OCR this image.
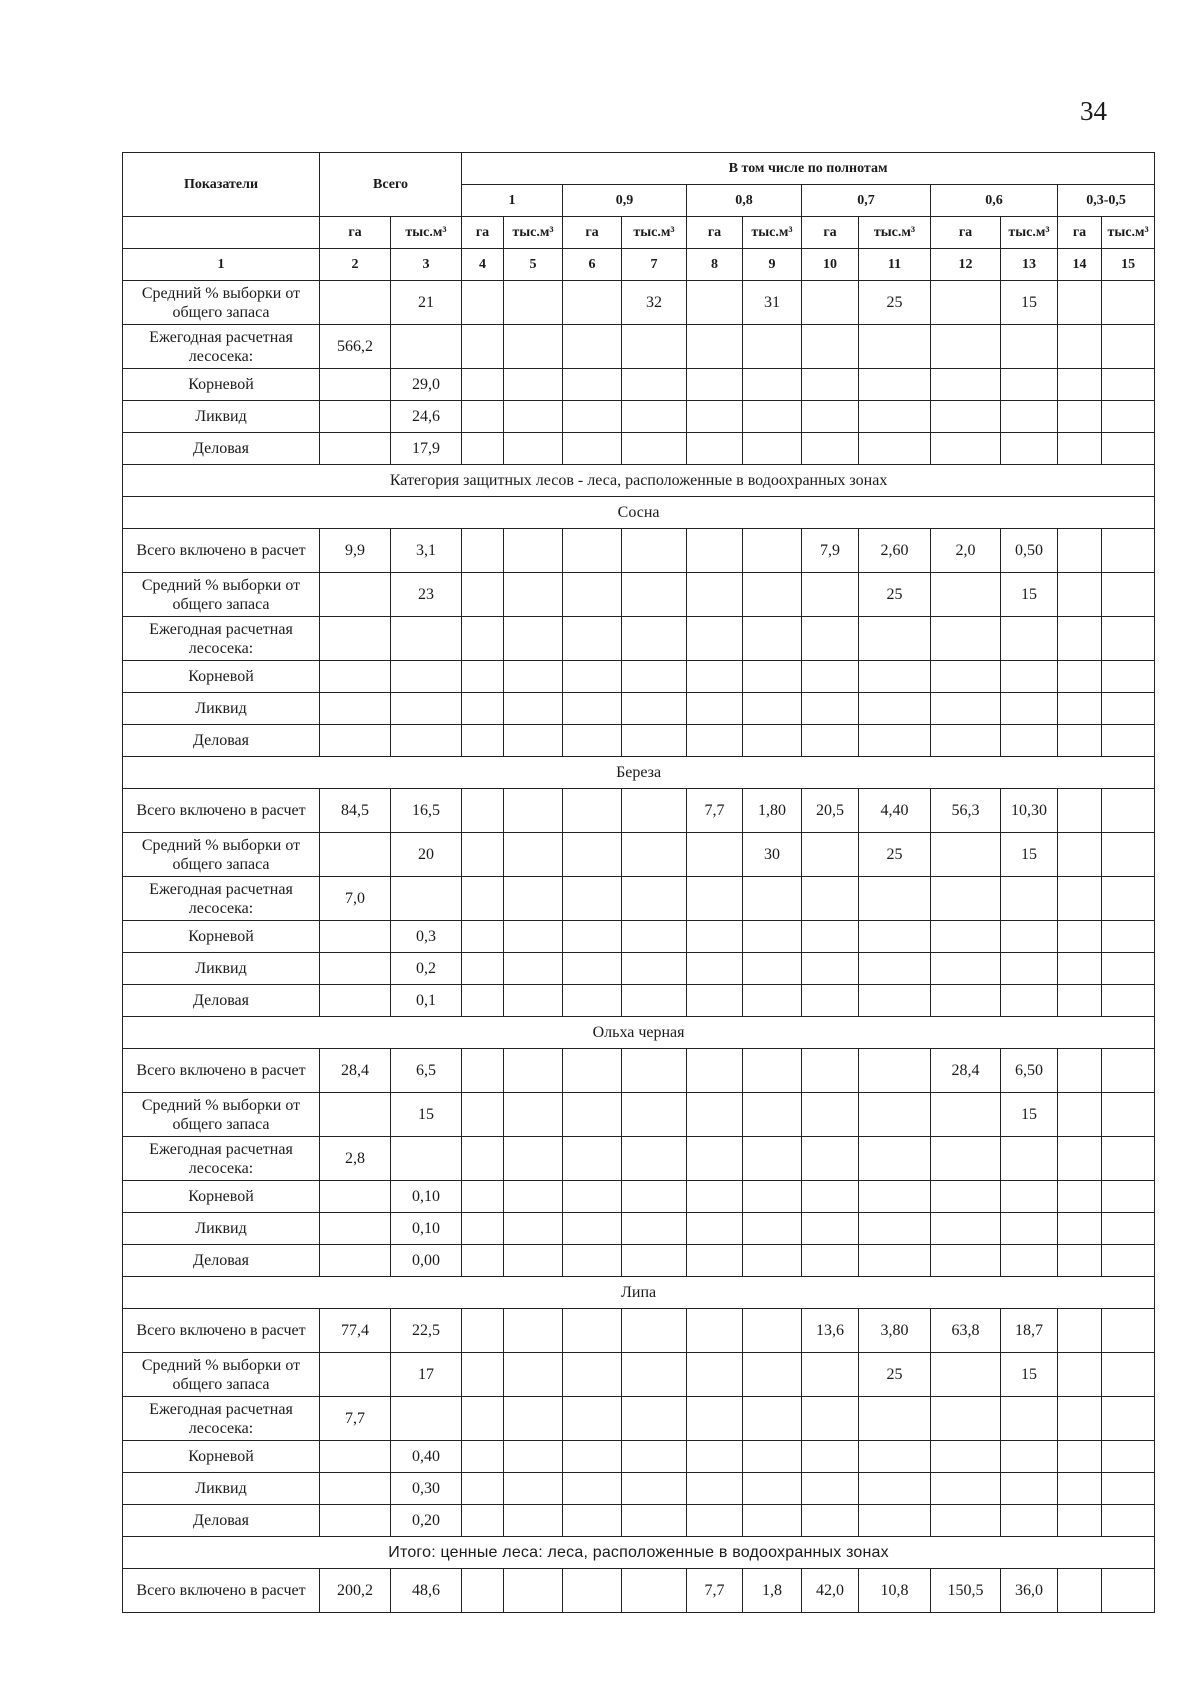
34
Показатели	Всего		В том числе по полнотам											
			1		0,9		0,8		0,7		0,6		0,3-0,5	
	га	тыс.м³	га	тыс.м³	га	тыс.м³	га	тыс.м³	га	тыс.м³	га	тыс.м³	га	тыс.м³
1	2	3	4	5	6	7	8	9	10	11	12	13	14	15
Средний % выборки от общего запаса		21				32		31		25		15		
Ежегодная расчетная лесосека:	566,2													
Корневой		29,0												
Ликвид		24,6												
Деловая		17,9												
Категория защитных лесов - леса, расположенные в водоохранных зонах														
Сосна														
Всего включено в расчет	9,9	3,1							7,9	2,60	2,0	0,50		
Средний % выборки от общего запаса		23								25		15		
Ежегодная расчетная лесосека:														
Корневой														
Ликвид														
Деловая														
Береза														
Всего включено в расчет	84,5	16,5					7,7	1,80	20,5	4,40	56,3	10,30		
Средний % выборки от общего запаса		20						30		25		15		
Ежегодная расчетная лесосека:	7,0													
Корневой		0,3												
Ликвид		0,2												
Деловая		0,1												
Ольха черная														
Всего включено в расчет	28,4	6,5									28,4	6,50		
Средний % выборки от общего запаса		15										15		
Ежегодная расчетная лесосека:	2,8													
Корневой		0,10												
Ликвид		0,10												
Деловая		0,00												
Липа														
Всего включено в расчет	77,4	22,5							13,6	3,80	63,8	18,7		
Средний % выборки от общего запаса		17								25		15		
Ежегодная расчетная лесосека:	7,7													
Корневой		0,40												
Ликвид		0,30												
Деловая		0,20												
Итого: ценные леса: леса, расположенные в водоохранных зонах														
Всего включено в расчет	200,2	48,6					7,7	1,8	42,0	10,8	150,5	36,0		
